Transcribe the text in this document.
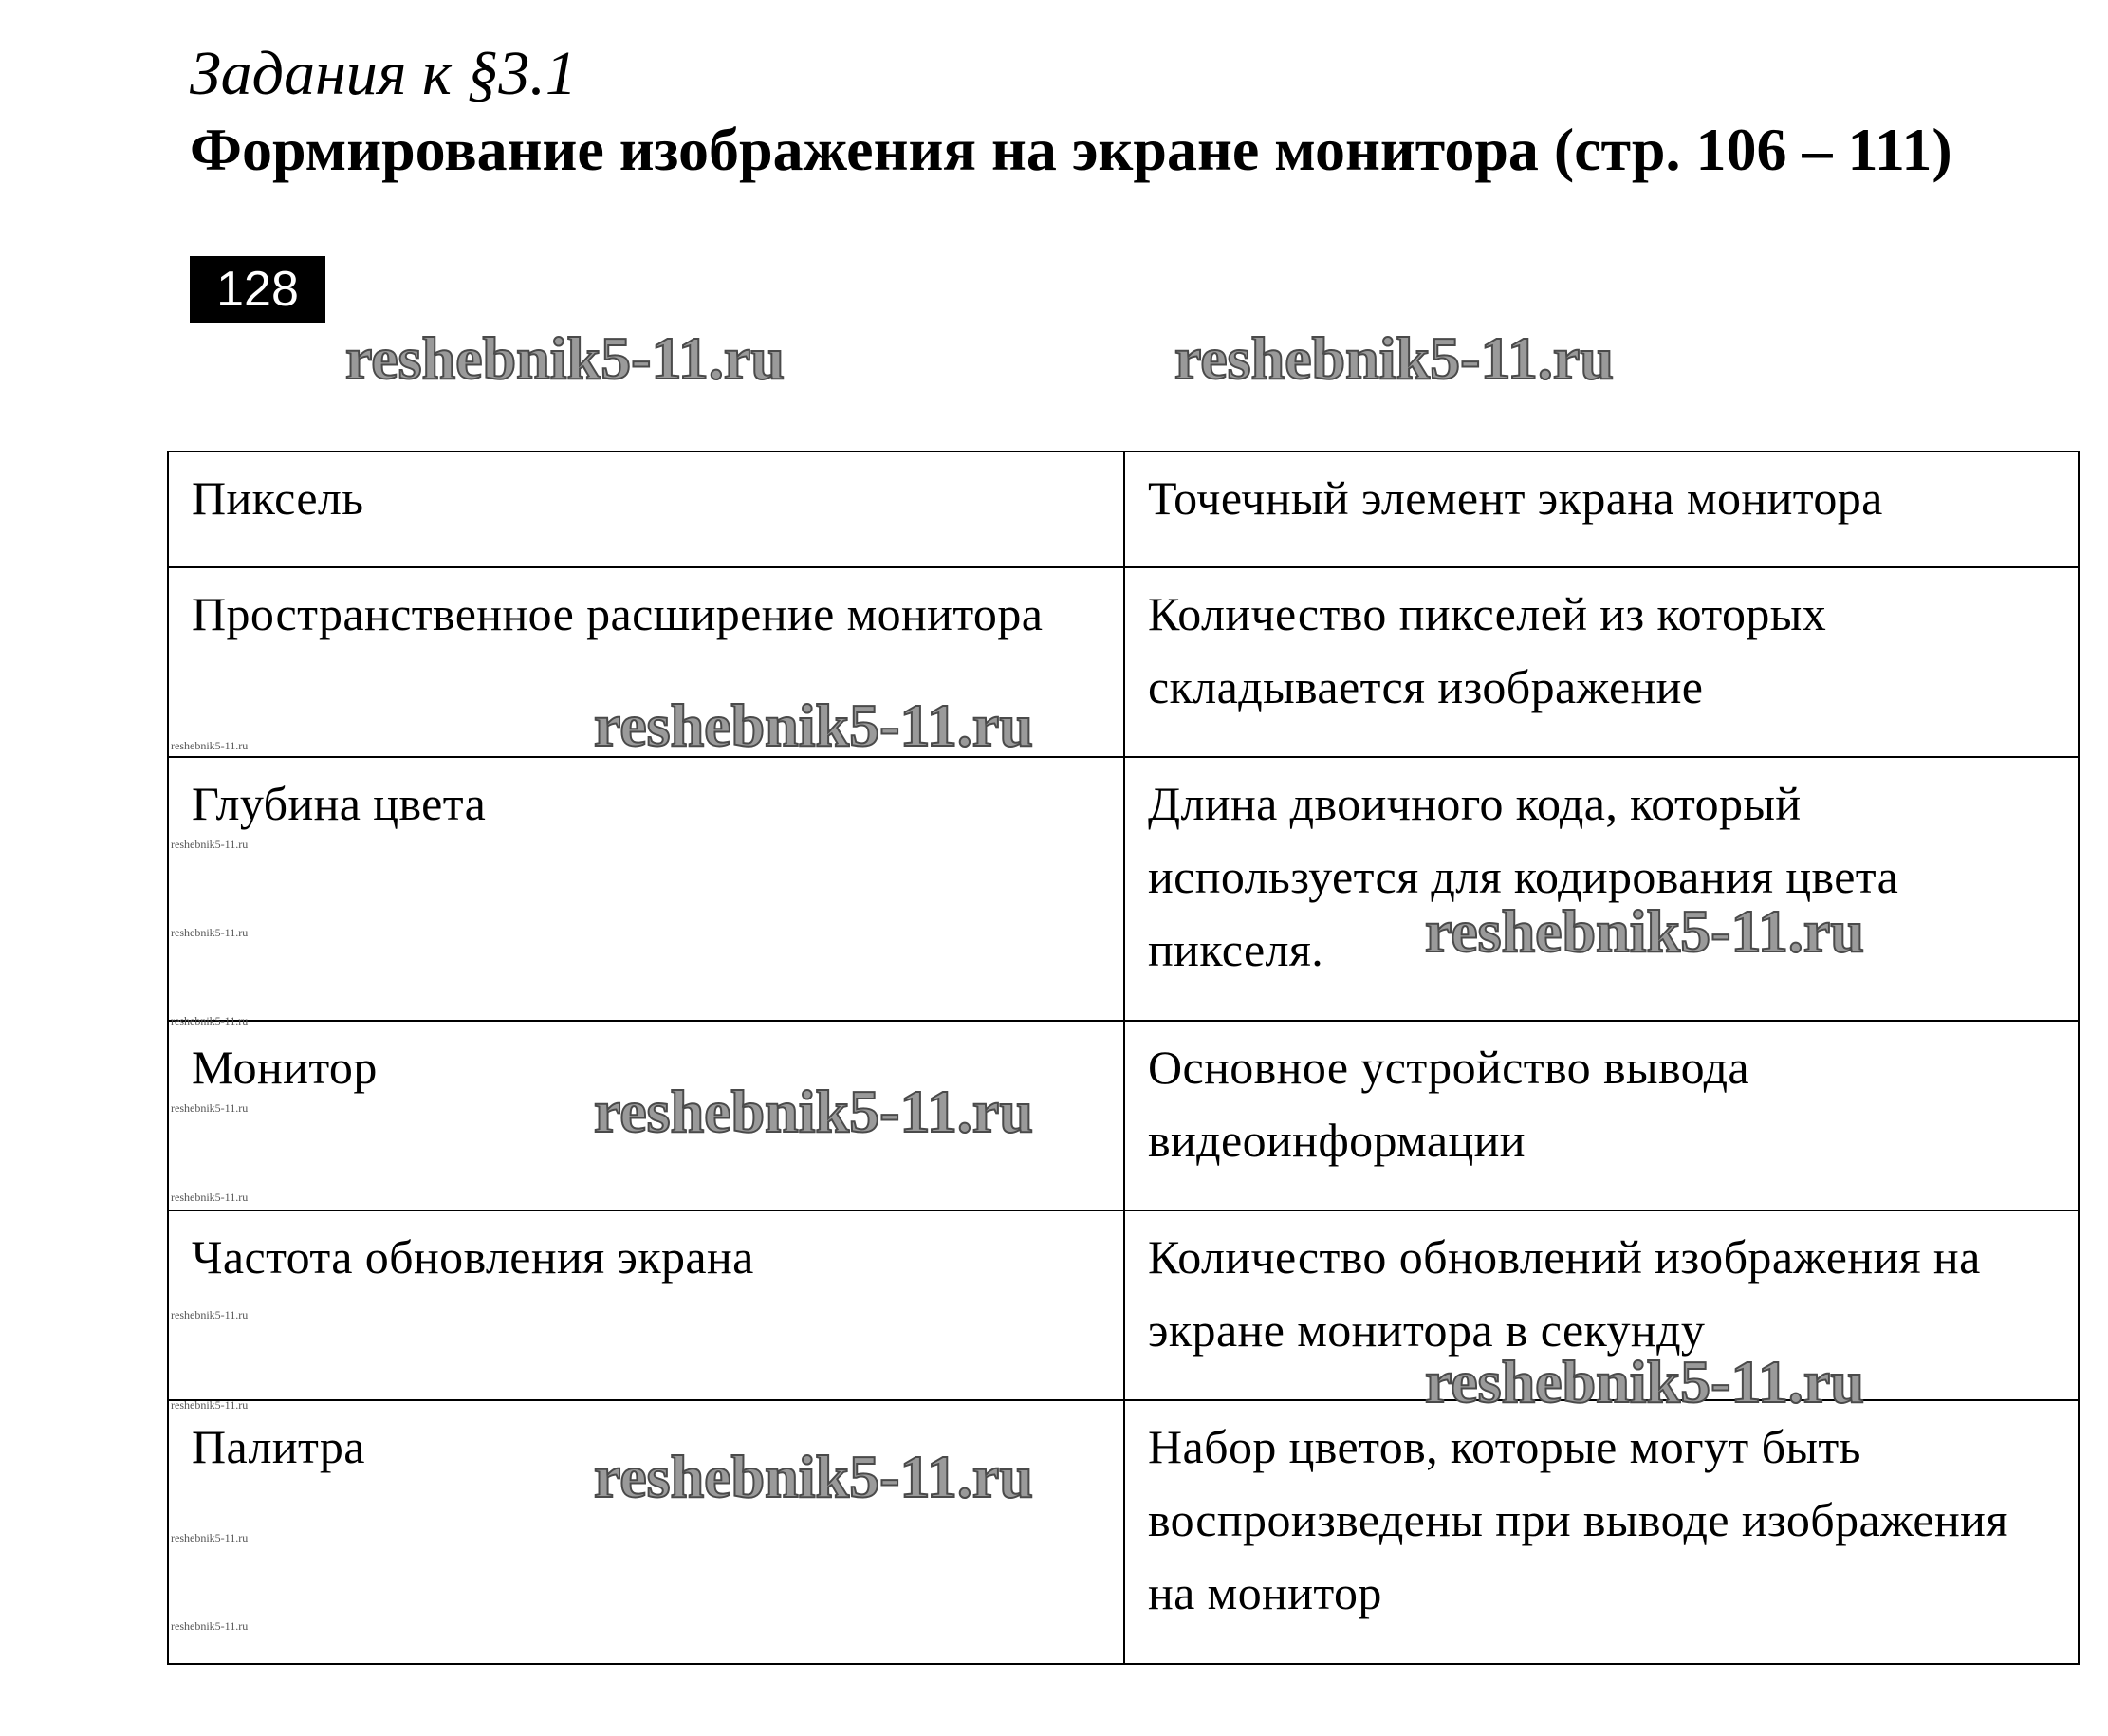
Задания к §3.1
Формирование изображения на экране монитора (стр. 106 – 111)
128
Пиксель	Точечный элемент экрана монитора
Пространственное расширение монитора	Количество пикселей из которых складывается изображение
Глубина цвета	Длина двоичного кода, который используется для кодирования цвета пикселя.
Монитор	Основное устройство вывода видеоинформации
Частота обновления экрана	Количество обновлений изображения на экране монитора в секунду
Палитра	Набор цветов, которые могут быть воспроизведены при выводе изображения на монитор
reshebnik5-11.ru	reshebnik5-11.ru
reshebnik5-11.ru
reshebnik5-11.ru
reshebnik5-11.ru
reshebnik5-11.ru
reshebnik5-11.ru
reshebnik5-11.ru
reshebnik5-11.ru
reshebnik5-11.ru
reshebnik5-11.ru
reshebnik5-11.ru
reshebnik5-11.ru
reshebnik5-11.ru
reshebnik5-11.ru
reshebnik5-11.ru
reshebnik5-11.ru
